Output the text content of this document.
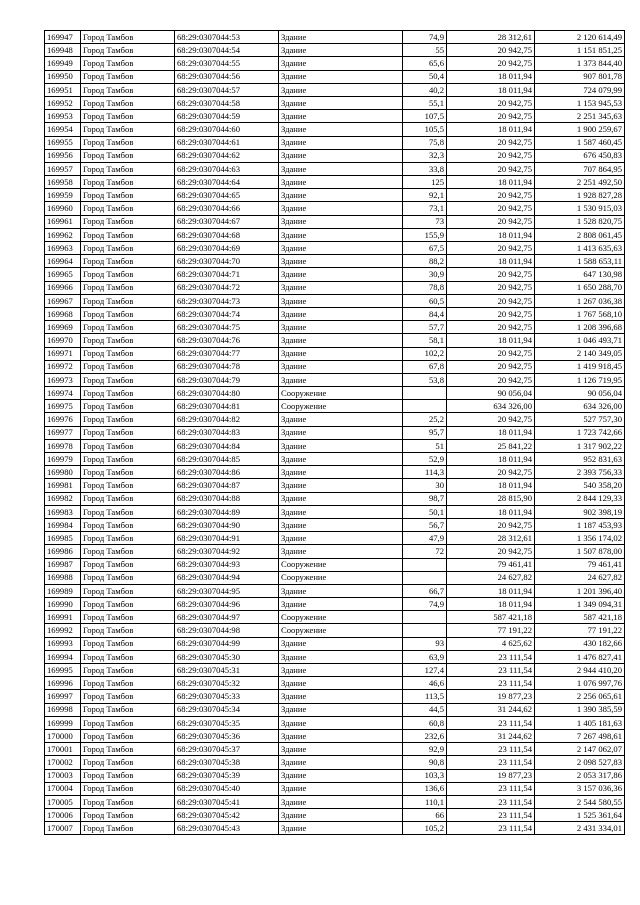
169947	Город Тамбов	68:29:0307044:53	Здание	74,9	28 312,61	2 120 614,49
169948	Город Тамбов	68:29:0307044:54	Здание	55	20 942,75	1 151 851,25
169949	Город Тамбов	68:29:0307044:55	Здание	65,6	20 942,75	1 373 844,40
169950	Город Тамбов	68:29:0307044:56	Здание	50,4	18 011,94	907 801,78
169951	Город Тамбов	68:29:0307044:57	Здание	40,2	18 011,94	724 079,99
169952	Город Тамбов	68:29:0307044:58	Здание	55,1	20 942,75	1 153 945,53
169953	Город Тамбов	68:29:0307044:59	Здание	107,5	20 942,75	2 251 345,63
169954	Город Тамбов	68:29:0307044:60	Здание	105,5	18 011,94	1 900 259,67
169955	Город Тамбов	68:29:0307044:61	Здание	75,8	20 942,75	1 587 460,45
169956	Город Тамбов	68:29:0307044:62	Здание	32,3	20 942,75	676 450,83
169957	Город Тамбов	68:29:0307044:63	Здание	33,8	20 942,75	707 864,95
169958	Город Тамбов	68:29:0307044:64	Здание	125	18 011,94	2 251 492,50
169959	Город Тамбов	68:29:0307044:65	Здание	92,1	20 942,75	1 928 827,28
169960	Город Тамбов	68:29:0307044:66	Здание	73,1	20 942,75	1 530 915,03
169961	Город Тамбов	68:29:0307044:67	Здание	73	20 942,75	1 528 820,75
169962	Город Тамбов	68:29:0307044:68	Здание	155,9	18 011,94	2 808 061,45
169963	Город Тамбов	68:29:0307044:69	Здание	67,5	20 942,75	1 413 635,63
169964	Город Тамбов	68:29:0307044:70	Здание	88,2	18 011,94	1 588 653,11
169965	Город Тамбов	68:29:0307044:71	Здание	30,9	20 942,75	647 130,98
169966	Город Тамбов	68:29:0307044:72	Здание	78,8	20 942,75	1 650 288,70
169967	Город Тамбов	68:29:0307044:73	Здание	60,5	20 942,75	1 267 036,38
169968	Город Тамбов	68:29:0307044:74	Здание	84,4	20 942,75	1 767 568,10
169969	Город Тамбов	68:29:0307044:75	Здание	57,7	20 942,75	1 208 396,68
169970	Город Тамбов	68:29:0307044:76	Здание	58,1	18 011,94	1 046 493,71
169971	Город Тамбов	68:29:0307044:77	Здание	102,2	20 942,75	2 140 349,05
169972	Город Тамбов	68:29:0307044:78	Здание	67,8	20 942,75	1 419 918,45
169973	Город Тамбов	68:29:0307044:79	Здание	53,8	20 942,75	1 126 719,95
169974	Город Тамбов	68:29:0307044:80	Сооружение		90 056,04	90 056,04
169975	Город Тамбов	68:29:0307044:81	Сооружение		634 326,00	634 326,00
169976	Город Тамбов	68:29:0307044:82	Здание	25,2	20 942,75	527 757,30
169977	Город Тамбов	68:29:0307044:83	Здание	95,7	18 011,94	1 723 742,66
169978	Город Тамбов	68:29:0307044:84	Здание	51	25 841,22	1 317 902,22
169979	Город Тамбов	68:29:0307044:85	Здание	52,9	18 011,94	952 831,63
169980	Город Тамбов	68:29:0307044:86	Здание	114,3	20 942,75	2 393 756,33
169981	Город Тамбов	68:29:0307044:87	Здание	30	18 011,94	540 358,20
169982	Город Тамбов	68:29:0307044:88	Здание	98,7	28 815,90	2 844 129,33
169983	Город Тамбов	68:29:0307044:89	Здание	50,1	18 011,94	902 398,19
169984	Город Тамбов	68:29:0307044:90	Здание	56,7	20 942,75	1 187 453,93
169985	Город Тамбов	68:29:0307044:91	Здание	47,9	28 312,61	1 356 174,02
169986	Город Тамбов	68:29:0307044:92	Здание	72	20 942,75	1 507 878,00
169987	Город Тамбов	68:29:0307044:93	Сооружение		79 461,41	79 461,41
169988	Город Тамбов	68:29:0307044:94	Сооружение		24 627,82	24 627,82
169989	Город Тамбов	68:29:0307044:95	Здание	66,7	18 011,94	1 201 396,40
169990	Город Тамбов	68:29:0307044:96	Здание	74,9	18 011,94	1 349 094,31
169991	Город Тамбов	68:29:0307044:97	Сооружение		587 421,18	587 421,18
169992	Город Тамбов	68:29:0307044:98	Сооружение		77 191,22	77 191,22
169993	Город Тамбов	68:29:0307044:99	Здание	93	4 625,62	430 182,66
169994	Город Тамбов	68:29:0307045:30	Здание	63,9	23 111,54	1 476 827,41
169995	Город Тамбов	68:29:0307045:31	Здание	127,4	23 111,54	2 944 410,20
169996	Город Тамбов	68:29:0307045:32	Здание	46,6	23 111,54	1 076 997,76
169997	Город Тамбов	68:29:0307045:33	Здание	113,5	19 877,23	2 256 065,61
169998	Город Тамбов	68:29:0307045:34	Здание	44,5	31 244,62	1 390 385,59
169999	Город Тамбов	68:29:0307045:35	Здание	60,8	23 111,54	1 405 181,63
170000	Город Тамбов	68:29:0307045:36	Здание	232,6	31 244,62	7 267 498,61
170001	Город Тамбов	68:29:0307045:37	Здание	92,9	23 111,54	2 147 062,07
170002	Город Тамбов	68:29:0307045:38	Здание	90,8	23 111,54	2 098 527,83
170003	Город Тамбов	68:29:0307045:39	Здание	103,3	19 877,23	2 053 317,86
170004	Город Тамбов	68:29:0307045:40	Здание	136,6	23 111,54	3 157 036,36
170005	Город Тамбов	68:29:0307045:41	Здание	110,1	23 111,54	2 544 580,55
170006	Город Тамбов	68:29:0307045:42	Здание	66	23 111,54	1 525 361,64
170007	Город Тамбов	68:29:0307045:43	Здание	105,2	23 111,54	2 431 334,01
